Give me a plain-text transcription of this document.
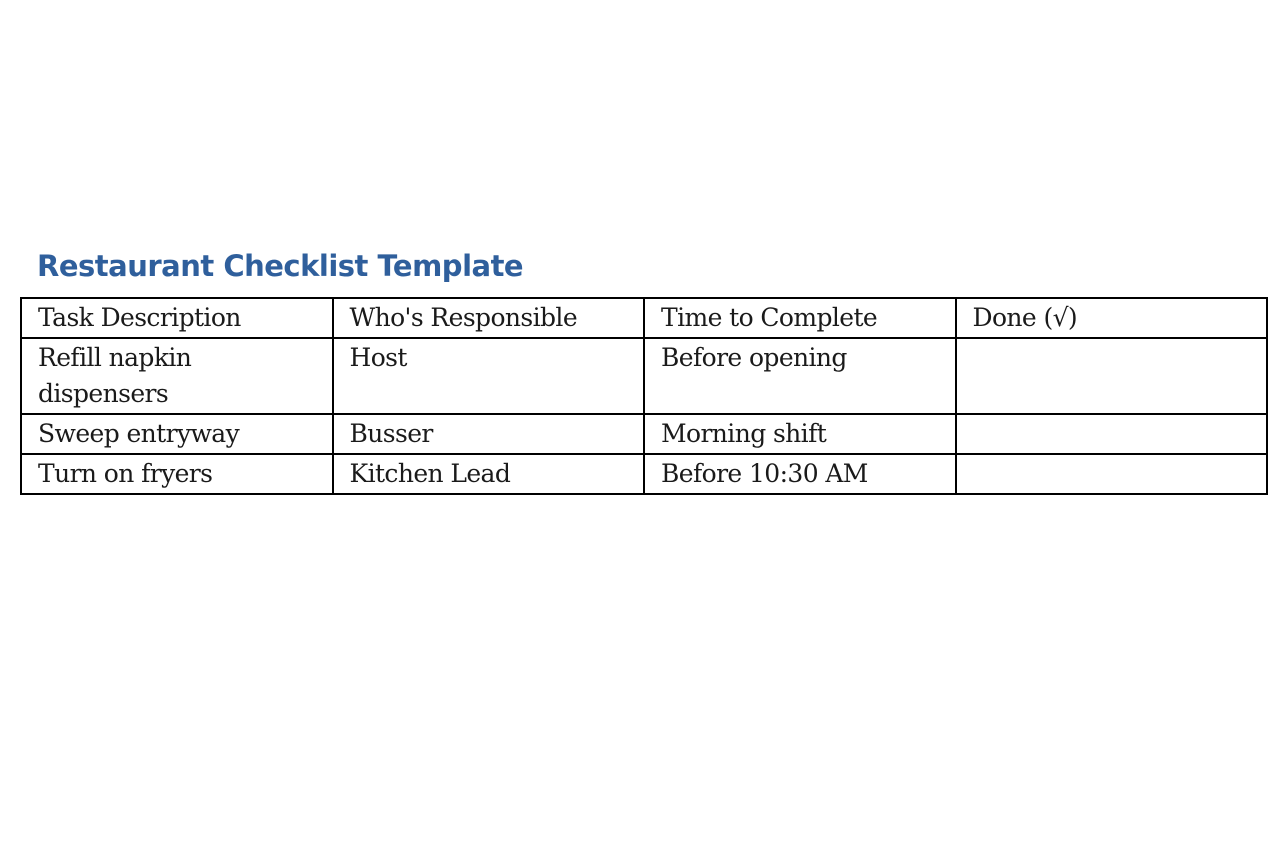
Restaurant Checklist Template
Task Description	Who's Responsible	Time to Complete	Done (√)
Refill napkin dispensers	Host	Before opening	
Sweep entryway	Busser	Morning shift	
Turn on fryers	Kitchen Lead	Before 10:30 AM	
